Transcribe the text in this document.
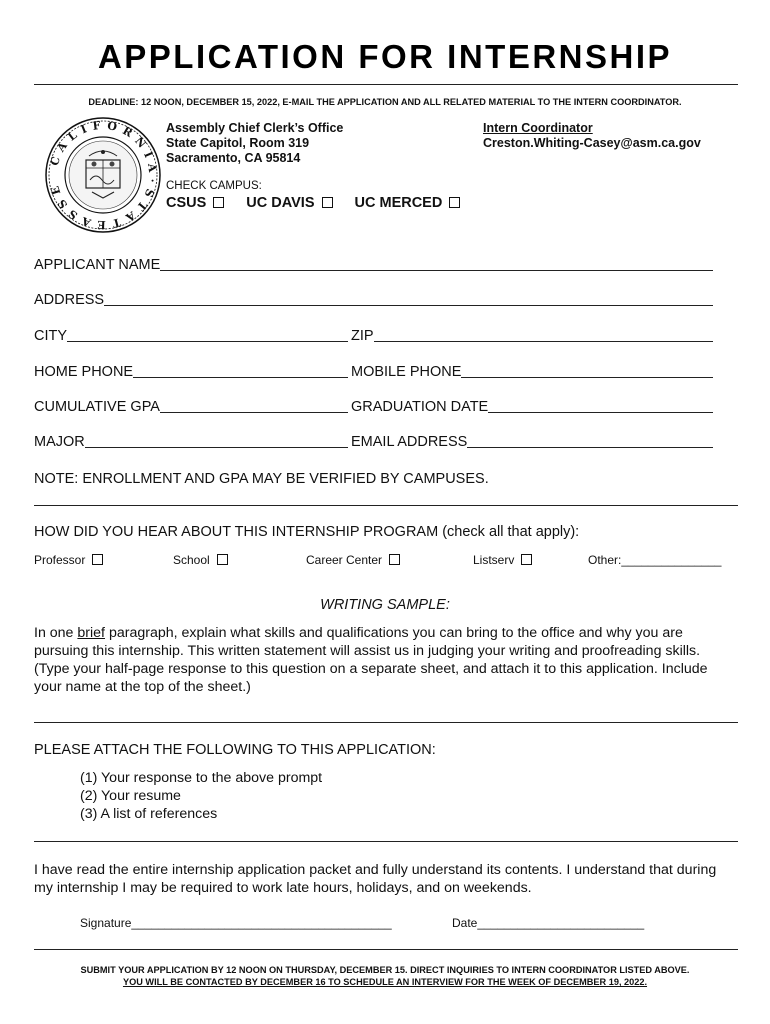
APPLICATION FOR INTERNSHIP
DEADLINE: 12 NOON, DECEMBER 15, 2022, E-MAIL THE APPLICATION AND ALL RELATED MATERIAL TO THE INTERN COORDINATOR.
C A L I F O R N I A · S T A T E A S S E
Assembly Chief Clerk’s Office
State Capitol, Room 319
Sacramento, CA 95814
Intern Coordinator
Creston.Whiting-Casey@asm.ca.gov
CHECK CAMPUS:
CSUS	UC DAVIS	UC MERCED
APPLICANT NAME
ADDRESS
CITY	ZIP
HOME PHONE	MOBILE PHONE
CUMULATIVE GPA	GRADUATION DATE
MAJOR	EMAIL ADDRESS
NOTE: ENROLLMENT AND GPA MAY BE VERIFIED BY CAMPUSES.
HOW DID YOU HEAR ABOUT THIS INTERNSHIP PROGRAM (check all that apply):
Professor	School	Career Center	Listserv	Other:_______________
WRITING SAMPLE:
In one brief paragraph, explain what skills and qualifications you can bring to the office and why you are pursuing this internship. This written statement will assist us in judging your writing and proofreading skills. (Type your half-page response to this question on a separate sheet, and attach it to this application. Include your name at the top of the sheet.)
PLEASE ATTACH THE FOLLOWING TO THIS APPLICATION:
(1) Your response to the above prompt
(2) Your resume
(3) A list of references
I have read the entire internship application packet and fully understand its contents. I understand that during my internship I may be required to work late hours, holidays, and on weekends.
Signature_______________________________________	Date_________________________
SUBMIT YOUR APPLICATION BY 12 NOON ON THURSDAY, DECEMBER 15. DIRECT INQUIRIES TO INTERN COORDINATOR LISTED ABOVE.
YOU WILL BE CONTACTED BY DECEMBER 16 TO SCHEDULE AN INTERVIEW FOR THE WEEK OF DECEMBER 19, 2022.
